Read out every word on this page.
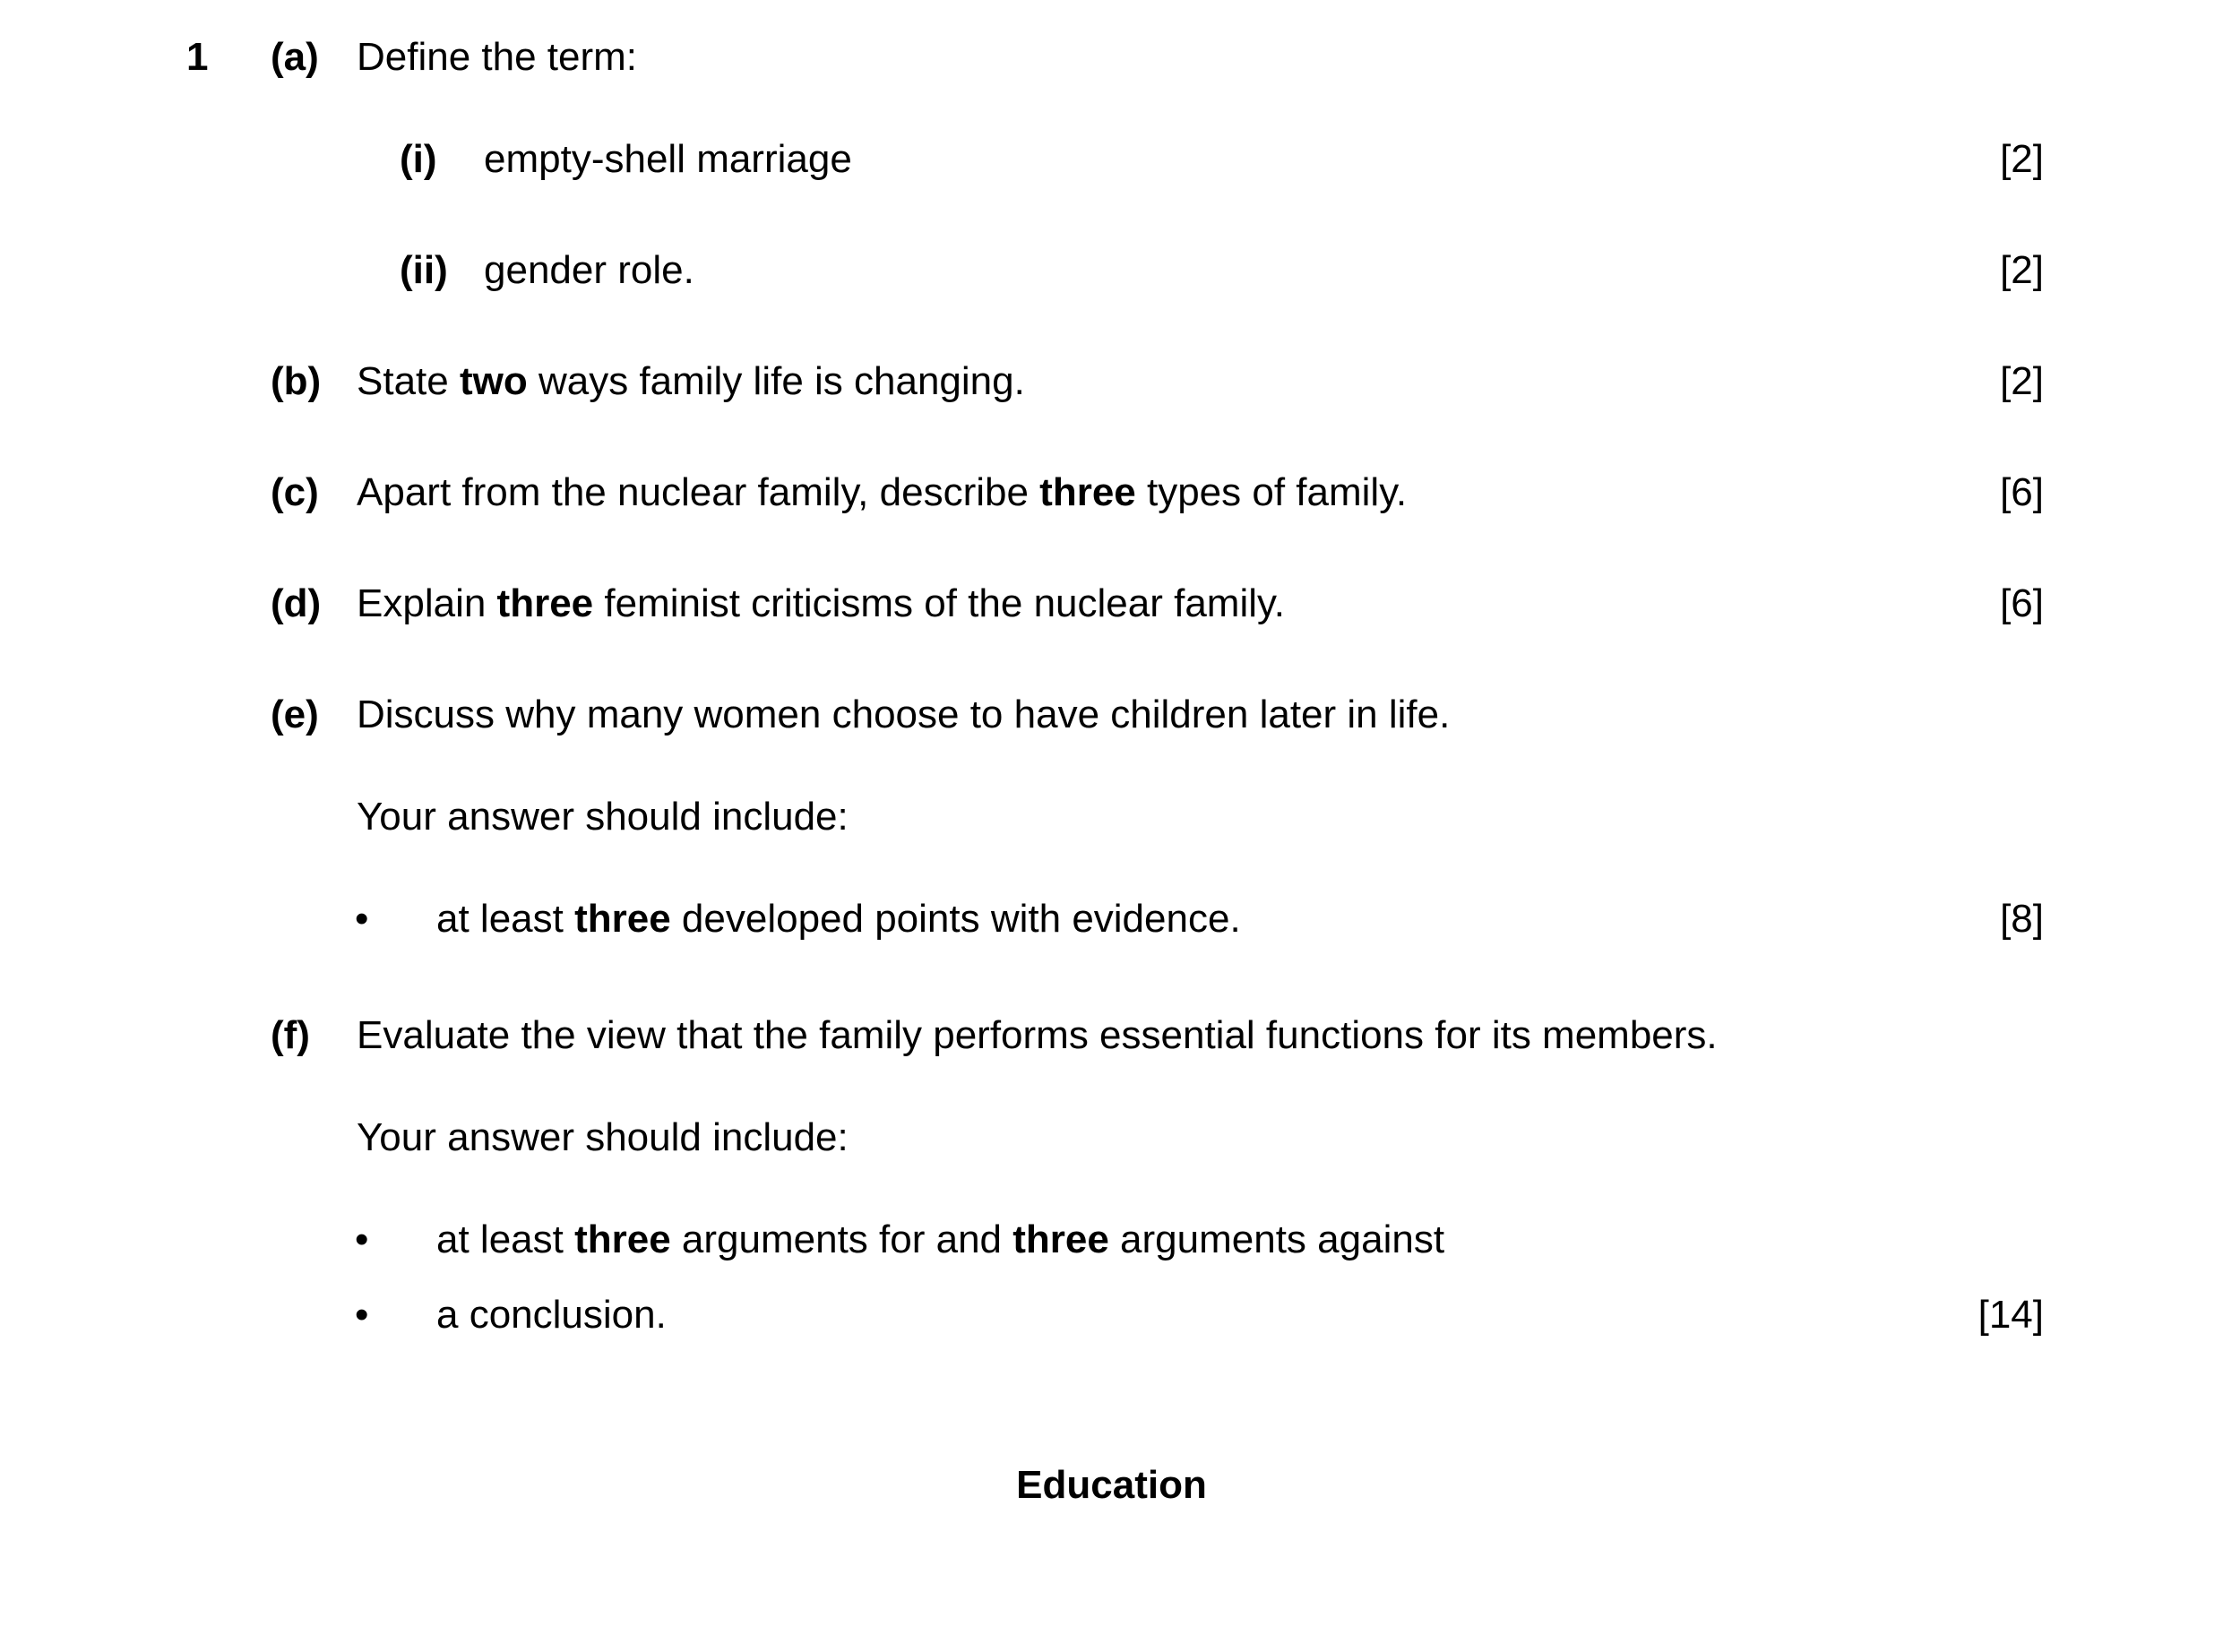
1 (a) Define the term:
(i) empty-shell marriage	[2]
(ii) gender role.	[2]
(b) State two ways family life is changing.	[2]
(c) Apart from the nuclear family, describe three types of family.	[6]
(d) Explain three feminist criticisms of the nuclear family.	[6]
(e) Discuss why many women choose to have children later in life.
Your answer should include:
• at least three developed points with evidence.	[8]
(f) Evaluate the view that the family performs essential functions for its members.
Your answer should include:
• at least three arguments for and three arguments against
• a conclusion.	[14]
Education
